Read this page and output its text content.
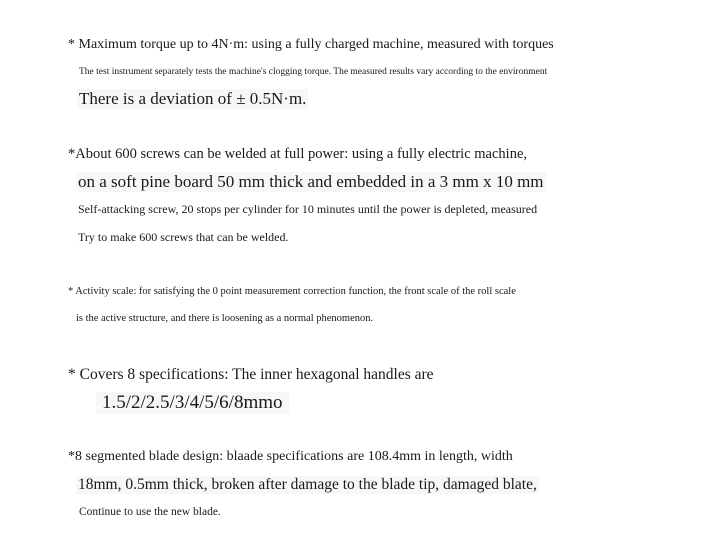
* Maximum torque up to 4N·m: using a fully charged machine, measured with torques
The test instrument separately tests the machine's clogging torque. The measured results vary according to the environment
There is a deviation of ± 0.5N·m.
*About 600 screws can be welded at full power: using a fully electric machine,
on a soft pine board 50 mm thick and embedded in a 3 mm x 10 mm
Self-attacking screw, 20 stops per cylinder for 10 minutes until the power is depleted, measured
Try to make 600 screws that can be welded.
* Activity scale: for satisfying the 0 point measurement correction function, the front scale of the roll scale
is the active structure, and there is loosening as a normal phenomenon.
* Covers 8 specifications: The inner hexagonal handles are
1.5/2/2.5/3/4/5/6/8mmo
*8 segmented blade design: blaade specifications are 108.4mm in length, width
18mm, 0.5mm thick, broken after damage to the blade tip, damaged blate,
Continue to use the new blade.
